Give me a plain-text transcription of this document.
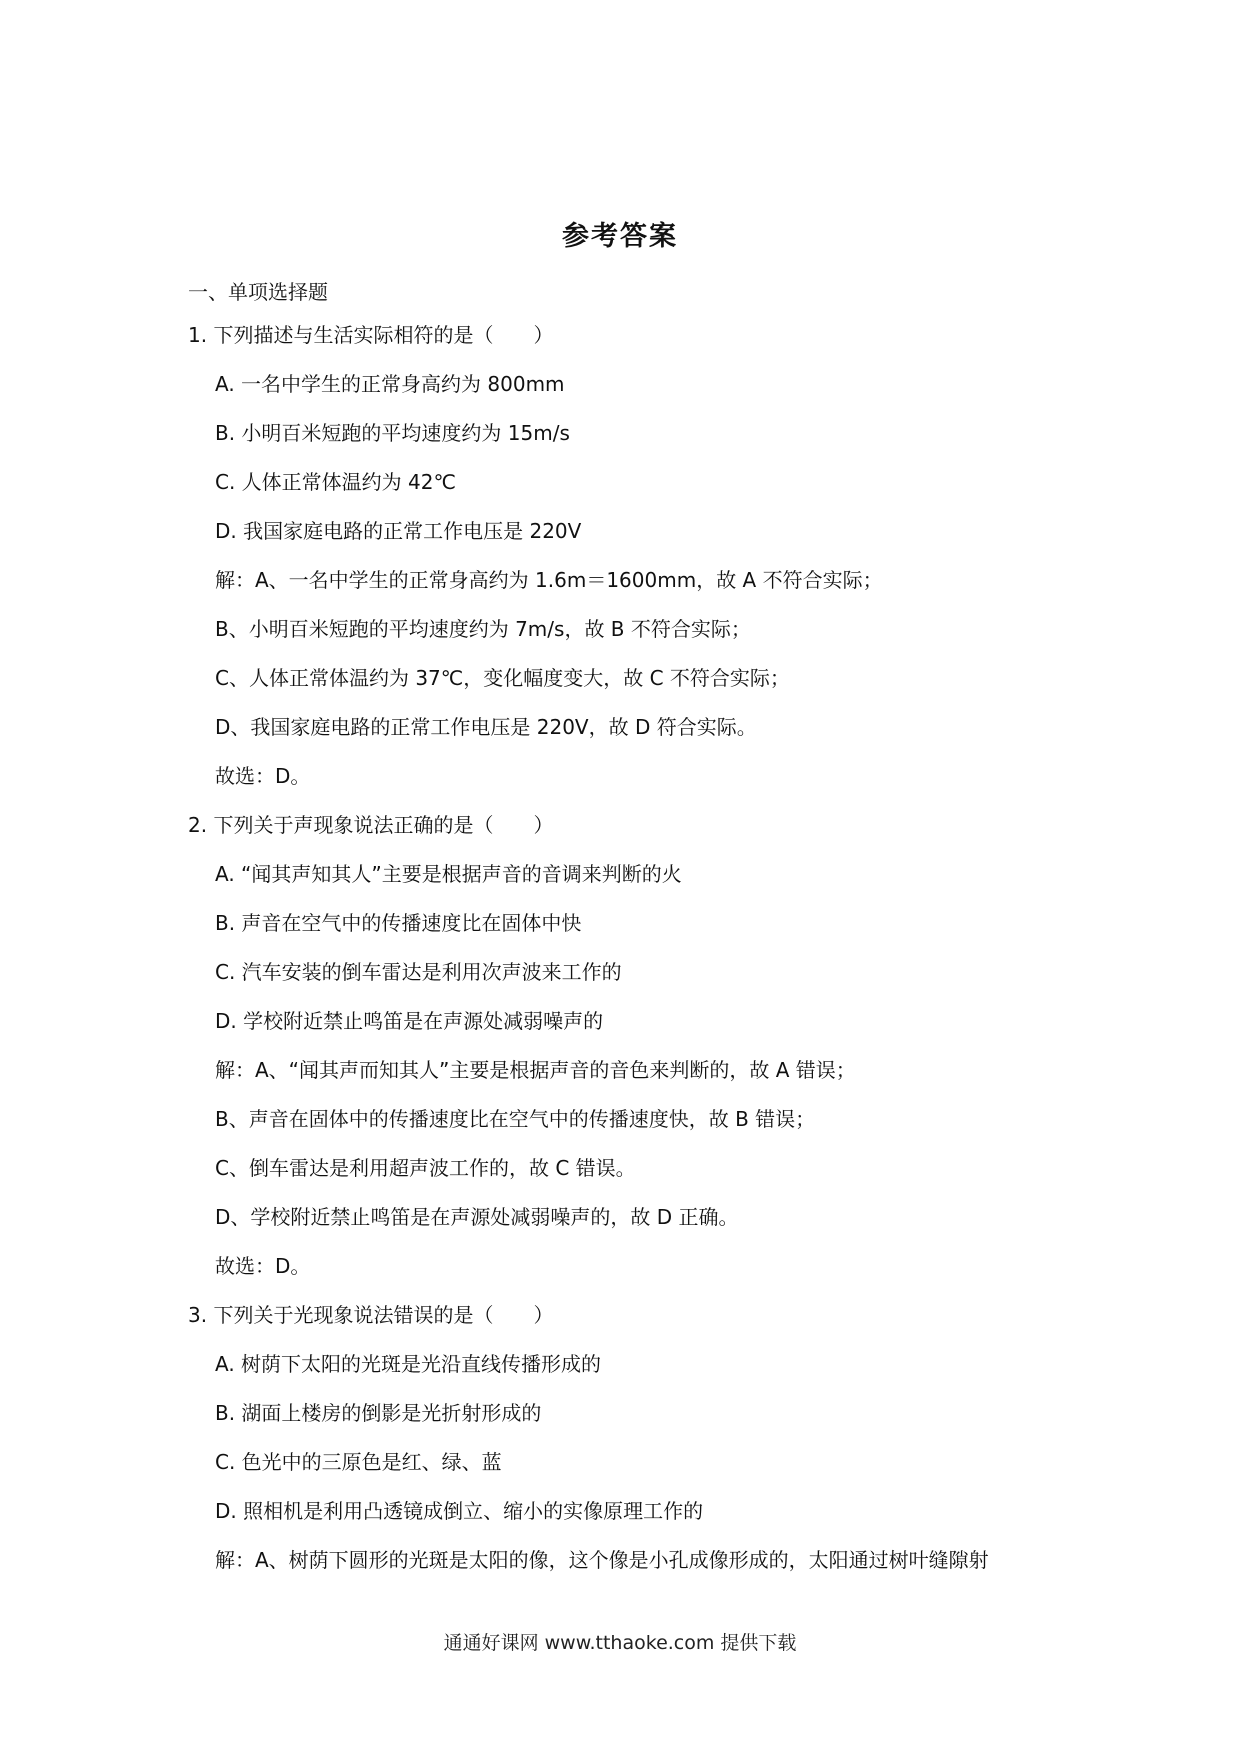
参考答案
一、单项选择题
1. 下列描述与生活实际相符的是（　　）
A. 一名中学生的正常身高约为 800mm
B. 小明百米短跑的平均速度约为 15m/s
C. 人体正常体温约为 42℃
D. 我国家庭电路的正常工作电压是 220V
解：A、一名中学生的正常身高约为 1.6m＝1600mm，故 A 不符合实际；
B、小明百米短跑的平均速度约为 7m/s，故 B 不符合实际；
C、人体正常体温约为 37℃，变化幅度变大，故 C 不符合实际；
D、我国家庭电路的正常工作电压是 220V，故 D 符合实际。
故选：D。
2. 下列关于声现象说法正确的是（　　）
A. “闻其声知其人”主要是根据声音的音调来判断的火
B. 声音在空气中的传播速度比在固体中快
C. 汽车安装的倒车雷达是利用次声波来工作的
D. 学校附近禁止鸣笛是在声源处减弱噪声的
解：A、“闻其声而知其人”主要是根据声音的音色来判断的，故 A 错误；
B、声音在固体中的传播速度比在空气中的传播速度快，故 B 错误；
C、倒车雷达是利用超声波工作的，故 C 错误。
D、学校附近禁止鸣笛是在声源处减弱噪声的，故 D 正确。
故选：D。
3. 下列关于光现象说法错误的是（　　）
A. 树荫下太阳的光斑是光沿直线传播形成的
B. 湖面上楼房的倒影是光折射形成的
C. 色光中的三原色是红、绿、蓝
D. 照相机是利用凸透镜成倒立、缩小的实像原理工作的
解：A、树荫下圆形的光斑是太阳的像，这个像是小孔成像形成的，太阳通过树叶缝隙射
通通好课网 www.tthaoke.com 提供下载
